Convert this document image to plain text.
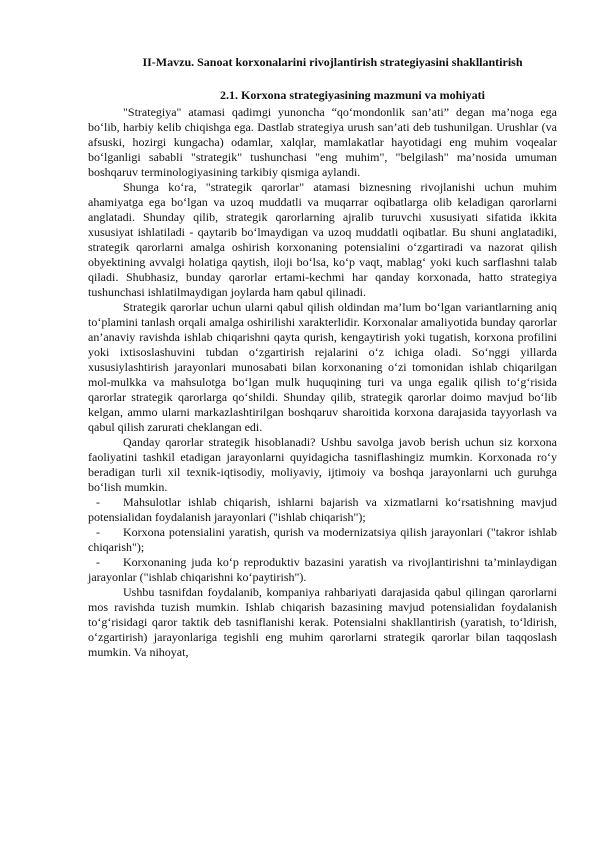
II-Mavzu. Sanoat korxonalarini rivojlantirish strategiyasini shakllantirish

2.1. Korxona strategiyasining mazmuni va mohiyati

"Strategiya" atamasi qadimgi yunoncha “qo‘mondonlik san’ati” degan ma’noga ega bo‘lib, harbiy kelib chiqishga ega. Dastlab strategiya urush san’ati deb tushunilgan. Urushlar (va afsuski, hozirgi kungacha) odamlar, xalqlar, mamlakatlar hayotidagi eng muhim voqealar bo‘lganligi sababli "strategik" tushunchasi "eng muhim", "belgilash" ma’nosida umuman boshqaruv terminologiyasining tarkibiy qismiga aylandi.

Shunga ko‘ra, "strategik qarorlar" atamasi biznesning rivojlanishi uchun muhim ahamiyatga ega bo‘lgan va uzoq muddatli va muqarrar oqibatlarga olib keladigan qarorlarni anglatadi. Shunday qilib, strategik qarorlarning ajralib turuvchi xususiyati sifatida ikkita xususiyat ishlatiladi - qaytarib bo‘lmaydigan va uzoq muddatli oqibatlar. Bu shuni anglatadiki, strategik qarorlarni amalga oshirish korxonaning potensialini o‘zgartiradi va nazorat qilish obyektining avvalgi holatiga qaytish, iloji bo‘lsa, ko‘p vaqt, mablag‘ yoki kuch sarflashni talab qiladi. Shubhasiz, bunday qarorlar ertami-kechmi har qanday korxonada, hatto strategiya tushunchasi ishlatilmaydigan joylarda ham qabul qilinadi.

Strategik qarorlar uchun ularni qabul qilish oldindan ma’lum bo‘lgan variantlarning aniq to‘plamini tanlash orqali amalga oshirilishi xarakterlidir. Korxonalar amaliyotida bunday qarorlar an’anaviy ravishda ishlab chiqarishni qayta qurish, kengaytirish yoki tugatish, korxona profilini yoki ixtisoslashuvini tubdan o‘zgartirish rejalarini o‘z ichiga oladi. So‘nggi yillarda xususiylashtirish jarayonlari munosabati bilan korxonaning o‘zi tomonidan ishlab chiqarilgan mol-mulkka va mahsulotga bo‘lgan mulk huquqining turi va unga egalik qilish to‘g‘risida qarorlar strategik qarorlarga qo‘shildi. Shunday qilib, strategik qarorlar doimo mavjud bo‘lib kelgan, ammo ularni markazlashtirilgan boshqaruv sharoitida korxona darajasida tayyorlash va qabul qilish zarurati cheklangan edi.

Qanday qarorlar strategik hisoblanadi? Ushbu savolga javob berish uchun siz korxona faoliyatini tashkil etadigan jarayonlarni quyidagicha tasniflashingiz mumkin. Korxonada ro‘y beradigan turli xil texnik-iqtisodiy, moliyaviy, ijtimoiy va boshqa jarayonlarni uch guruhga bo‘lish mumkin.

- Mahsulotlar ishlab chiqarish, ishlarni bajarish va xizmatlarni ko‘rsatishning mavjud potensialidan foydalanish jarayonlari ("ishlab chiqarish");

- Korxona potensialini yaratish, qurish va modernizatsiya qilish jarayonlari ("takror ishlab chiqarish");

- Korxonaning juda ko‘p reproduktiv bazasini yaratish va rivojlantirishni ta’minlaydigan jarayonlar ("ishlab chiqarishni ko‘paytirish").

Ushbu tasnifdan foydalanib, kompaniya rahbariyati darajasida qabul qilingan qarorlarni mos ravishda tuzish mumkin. Ishlab chiqarish bazasining mavjud potensialidan foydalanish to‘g‘risidagi qaror taktik deb tasniflanishi kerak. Potensialni shakllantirish (yaratish, to‘ldirish, o‘zgartirish) jarayonlariga tegishli eng muhim qarorlarni strategik qarorlar bilan taqqoslash mumkin. Va nihoyat,
